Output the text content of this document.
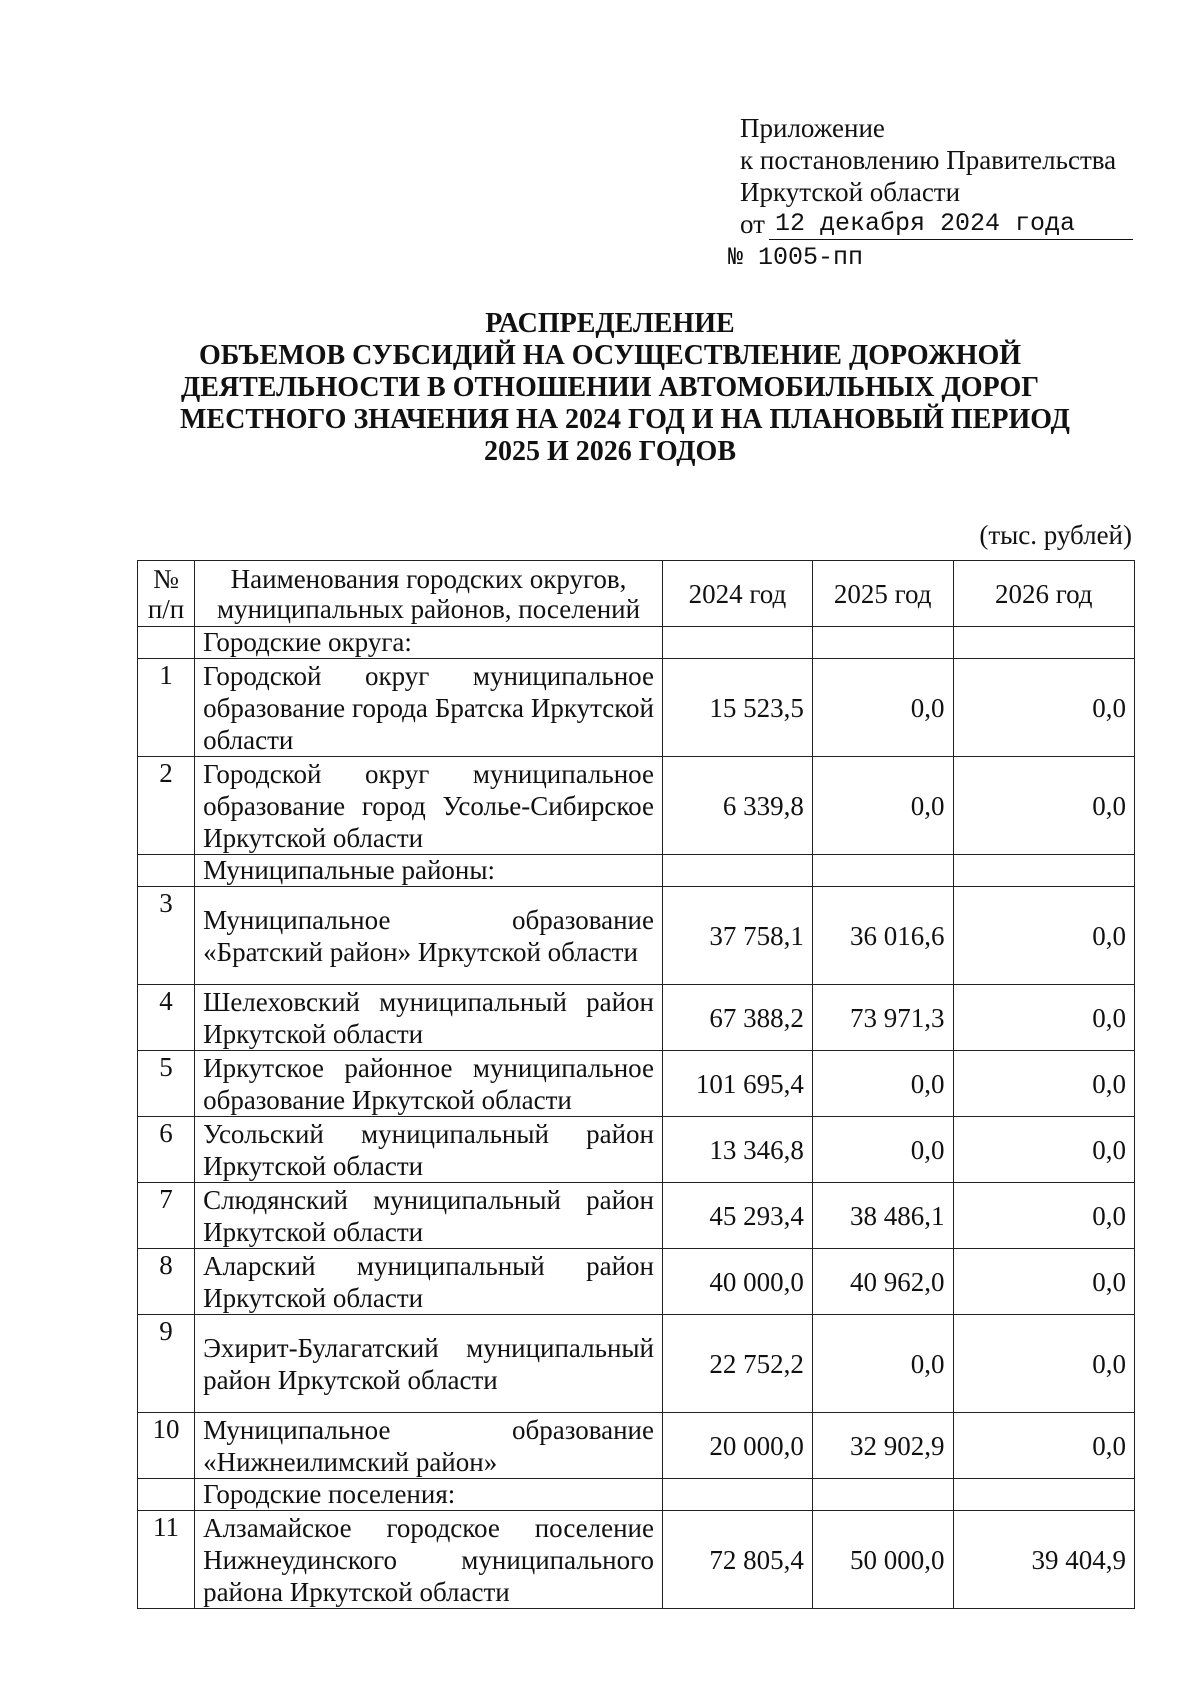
Приложение
к постановлению Правительства
Иркутской области
от 12 декабря 2024 года
№ 1005-пп
РАСПРЕДЕЛЕНИЕ
ОБЪЕМОВ СУБСИДИЙ НА ОСУЩЕСТВЛЕНИЕ ДОРОЖНОЙ
ДЕЯТЕЛЬНОСТИ В ОТНОШЕНИИ АВТОМОБИЛЬНЫХ ДОРОГ
МЕСТНОГО ЗНАЧЕНИЯ НА 2024 ГОД И НА ПЛАНОВЫЙ ПЕРИОД
2025 И 2026 ГОДОВ
(тыс. рублей)
№ п/п	Наименования городских округов, муниципальных районов, поселений	2024 год	2025 год	2026 год
	Городские округа:			
1	Городской округ муниципальное образование города Братска Иркутской области	15 523,5	0,0	0,0
2	Городской округ муниципальное образование город Усолье-Сибирское Иркутской области	6 339,8	0,0	0,0
	Муниципальные районы:			
3	Муниципальное образование «Братский район» Иркутской области	37 758,1	36 016,6	0,0
4	Шелеховский муниципальный район Иркутской области	67 388,2	73 971,3	0,0
5	Иркутское районное муниципальное образование Иркутской области	101 695,4	0,0	0,0
6	Усольский муниципальный район Иркутской области	13 346,8	0,0	0,0
7	Слюдянский муниципальный район Иркутской области	45 293,4	38 486,1	0,0
8	Аларский муниципальный район Иркутской области	40 000,0	40 962,0	0,0
9	Эхирит-Булагатский муниципальный район Иркутской области	22 752,2	0,0	0,0
10	Муниципальное образование «Нижнеилимский район»	20 000,0	32 902,9	0,0
	Городские поселения:			
11	Алзамайское городское поселение Нижнеудинского муниципального района Иркутской области	72 805,4	50 000,0	39 404,9
